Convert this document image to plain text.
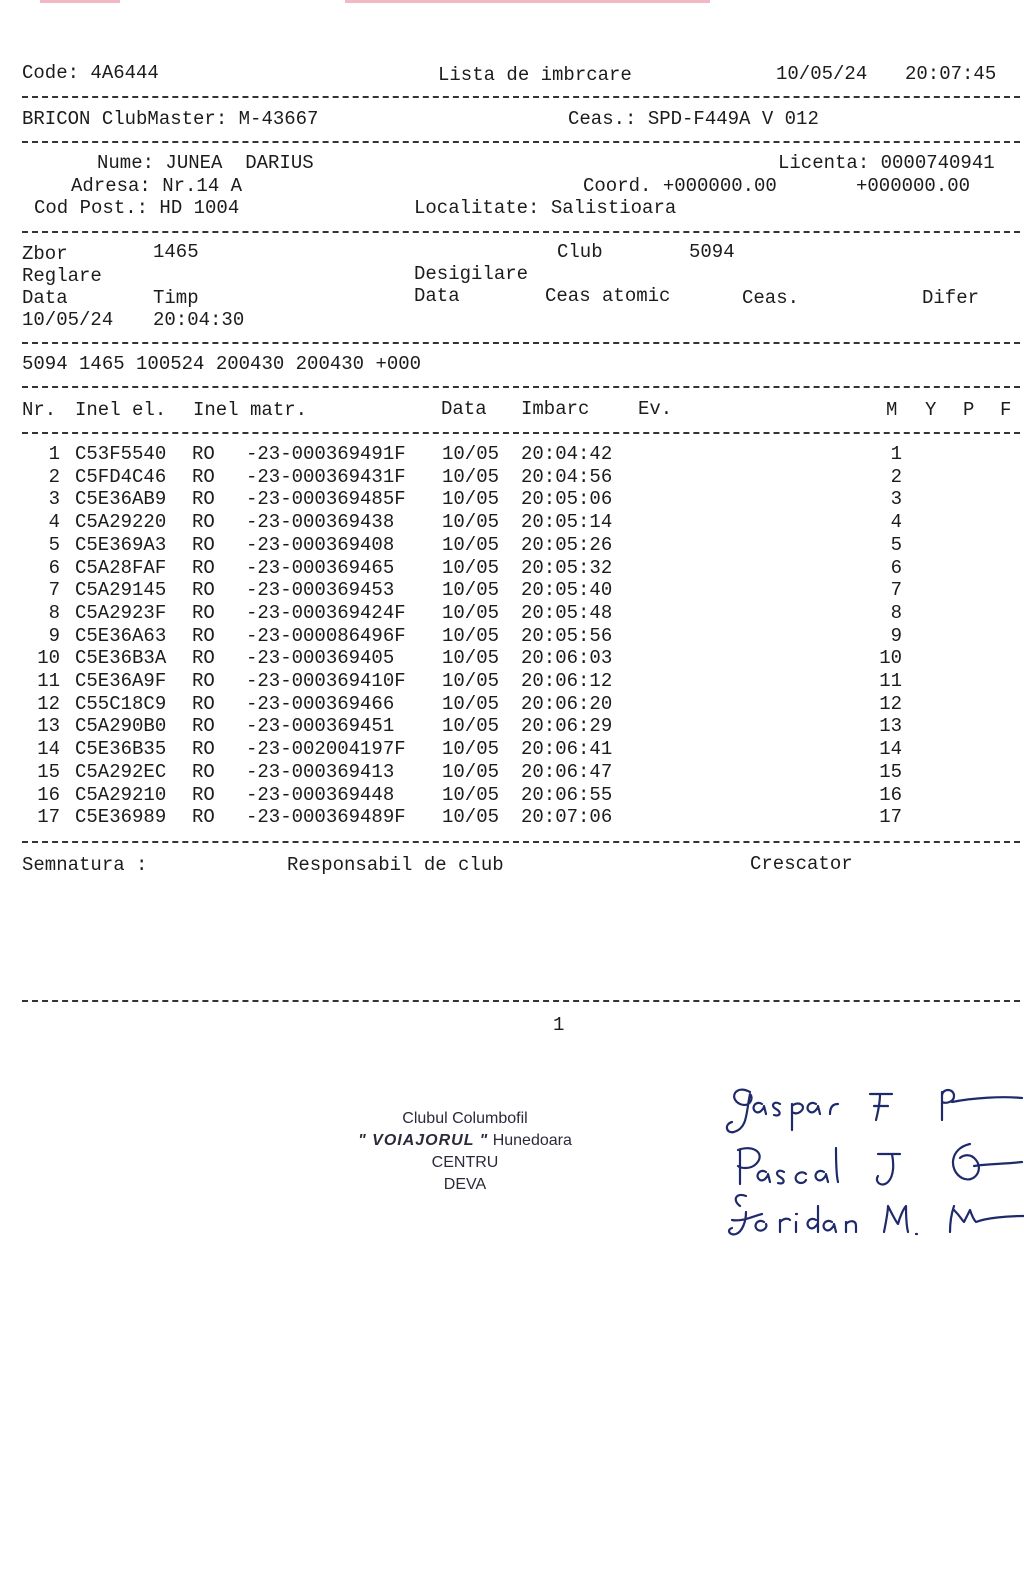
Code: 4A6444	Lista de imbrcare	10/05/24 20:07:45
BRICON ClubMaster: M-43667	Ceas.: SPD-F449A V 012
Nume: JUNEA  DARIUS	Licenta: 0000740941
Adresa: Nr.14 A	Coord. +000000.00	+000000.00
Cod Post.: HD 1004	Localitate: Salistioara
Zbor	1465	Club	5094
Reglare	Desigilare
Data	Timp	Data	Ceas atomic	Ceas.	Difer
10/05/24 20:04:30
5094 1465 100524 200430 200430 +000
Nr. Inel el. Inel matr.	Data Imbarc	Ev.	M Y P F
1 C53F5540 RO -23-000369491F 10/05 20:04:42	1
2 C5FD4C46 RO -23-000369431F 10/05 20:04:56	2
3 C5E36AB9 RO -23-000369485F 10/05 20:05:06	3
4 C5A29220 RO -23-000369438	10/05 20:05:14	4
5 C5E369A3 RO -23-000369408	10/05 20:05:26	5
6 C5A28FAF RO -23-000369465	10/05 20:05:32	6
7 C5A29145 RO -23-000369453	10/05 20:05:40	7
8 C5A2923F RO -23-000369424F 10/05 20:05:48	8
9 C5E36A63 RO -23-000086496F 10/05 20:05:56	9
10 C5E36B3A RO -23-000369405	10/05 20:06:03	10
11 C5E36A9F RO -23-000369410F 10/05 20:06:12	11
12 C55C18C9 RO -23-000369466	10/05 20:06:20	12
13 C5A290B0 RO -23-000369451	10/05 20:06:29	13
14 C5E36B35 RO -23-002004197F 10/05 20:06:41	14
15 C5A292EC RO -23-000369413	10/05 20:06:47	15
16 C5A29210 RO -23-000369448	10/05 20:06:55	16
17 C5E36989 RO -23-000369489F 10/05 20:07:06	17
Semnatura :	Responsabil de club	Crescator
1
Clubul Columbofil
" VOIAJORUL " Hunedoara
CENTRU
DEVA
